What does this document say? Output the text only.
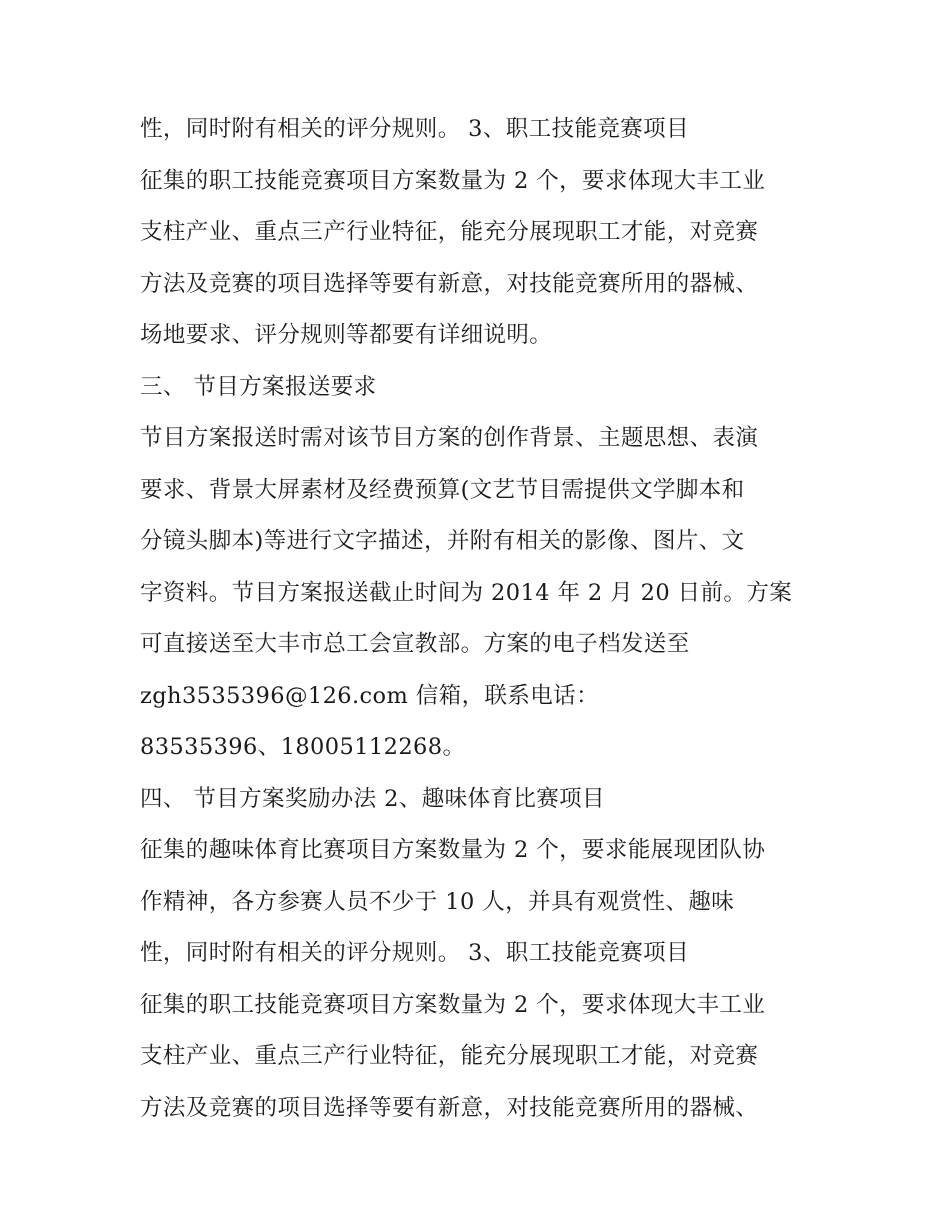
性，同时附有相关的评分规则。 3、职工技能竞赛项目
征集的职工技能竞赛项目方案数量为 2 个，要求体现大丰工业
支柱产业、重点三产行业特征，能充分展现职工才能，对竞赛
方法及竞赛的项目选择等要有新意，对技能竞赛所用的器械、
场地要求、评分规则等都要有详细说明。
三、 节目方案报送要求
节目方案报送时需对该节目方案的创作背景、主题思想、表演
要求、背景大屏素材及经费预算(文艺节目需提供文学脚本和
分镜头脚本)等进行文字描述，并附有相关的影像、图片、文
字资料。节目方案报送截止时间为 2014 年 2 月 20 日前。方案
可直接送至大丰市总工会宣教部。方案的电子档发送至
zgh3535396@126.com 信箱，联系电话：
83535396、18005112268。
四、 节目方案奖励办法 2、趣味体育比赛项目
征集的趣味体育比赛项目方案数量为 2 个，要求能展现团队协
作精神，各方参赛人员不少于 10 人，并具有观赏性、趣味
性，同时附有相关的评分规则。 3、职工技能竞赛项目
征集的职工技能竞赛项目方案数量为 2 个，要求体现大丰工业
支柱产业、重点三产行业特征，能充分展现职工才能，对竞赛
方法及竞赛的项目选择等要有新意，对技能竞赛所用的器械、
